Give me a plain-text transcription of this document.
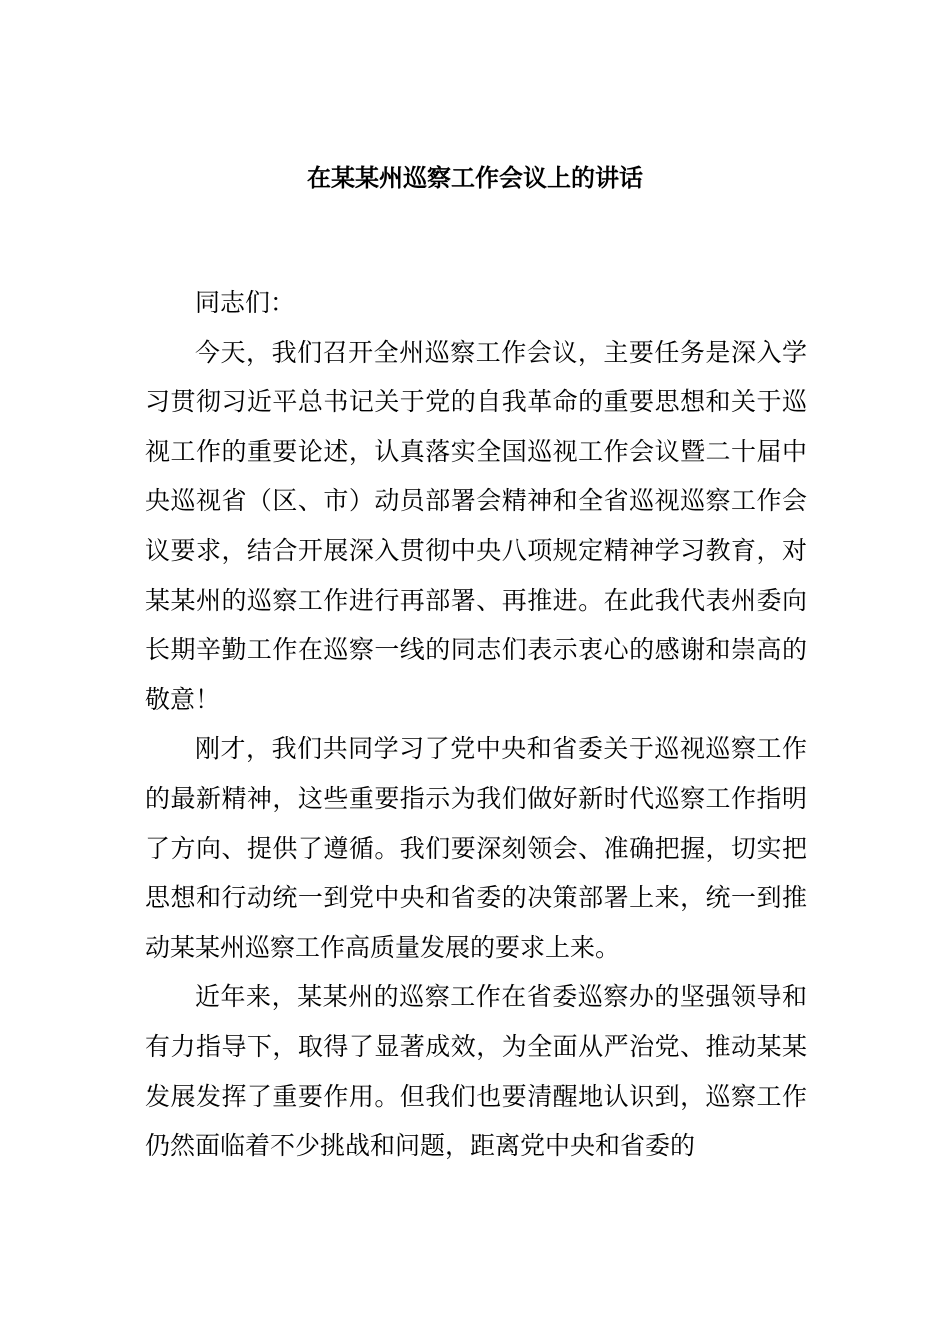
在某某州巡察工作会议上的讲话

同志们：

今天，我们召开全州巡察工作会议，主要任务是深入学习贯彻习近平总书记关于党的自我革命的重要思想和关于巡视工作的重要论述，认真落实全国巡视工作会议暨二十届中央巡视省（区、市）动员部署会精神和全省巡视巡察工作会议要求，结合开展深入贯彻中央八项规定精神学习教育，对某某州的巡察工作进行再部署、再推进。在此我代表州委向长期辛勤工作在巡察一线的同志们表示衷心的感谢和崇高的敬意！

刚才，我们共同学习了党中央和省委关于巡视巡察工作的最新精神，这些重要指示为我们做好新时代巡察工作指明了方向、提供了遵循。我们要深刻领会、准确把握，切实把思想和行动统一到党中央和省委的决策部署上来，统一到推动某某州巡察工作高质量发展的要求上来。

近年来，某某州的巡察工作在省委巡察办的坚强领导和有力指导下，取得了显著成效，为全面从严治党、推动某某发展发挥了重要作用。但我们也要清醒地认识到，巡察工作仍然面临着不少挑战和问题，距离党中央和省委的
